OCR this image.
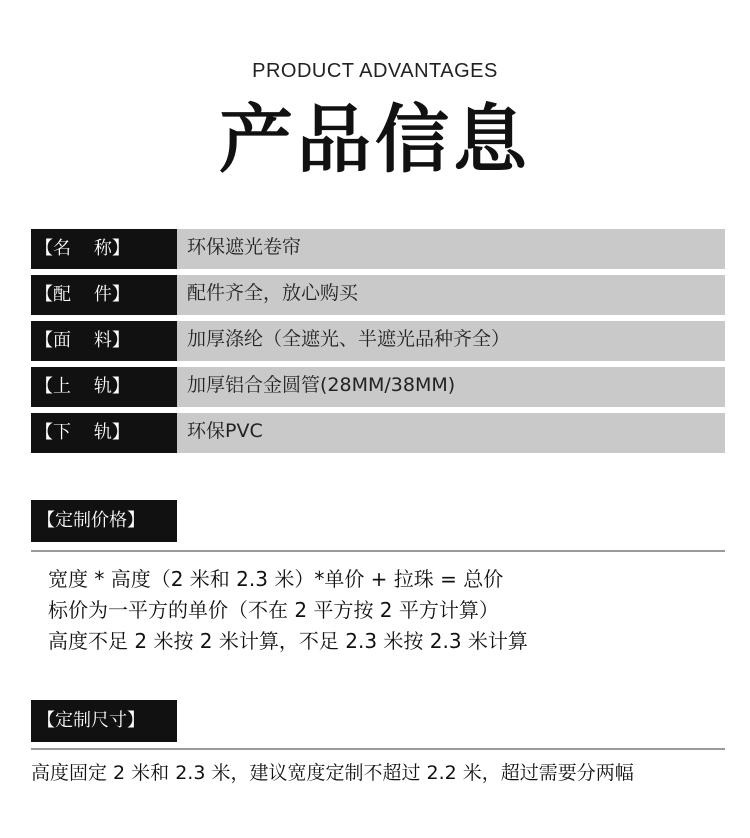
PRODUCT ADVANTAGES
产品信息
【名    称】	环保遮光卷帘
【配    件】	配件齐全，放心购买
【面    料】	加厚涤纶（全遮光、半遮光品种齐全）
【上    轨】	加厚铝合金圆管(28MM/38MM)
【下    轨】	环保PVC
【定制价格】
宽度 * 高度（2 米和 2.3 米）*单价 + 拉珠 = 总价
标价为一平方的单价（不在 2 平方按 2 平方计算）
高度不足 2 米按 2 米计算，不足 2.3 米按 2.3 米计算
【定制尺寸】
高度固定 2 米和 2.3 米，建议宽度定制不超过 2.2 米，超过需要分两幅
